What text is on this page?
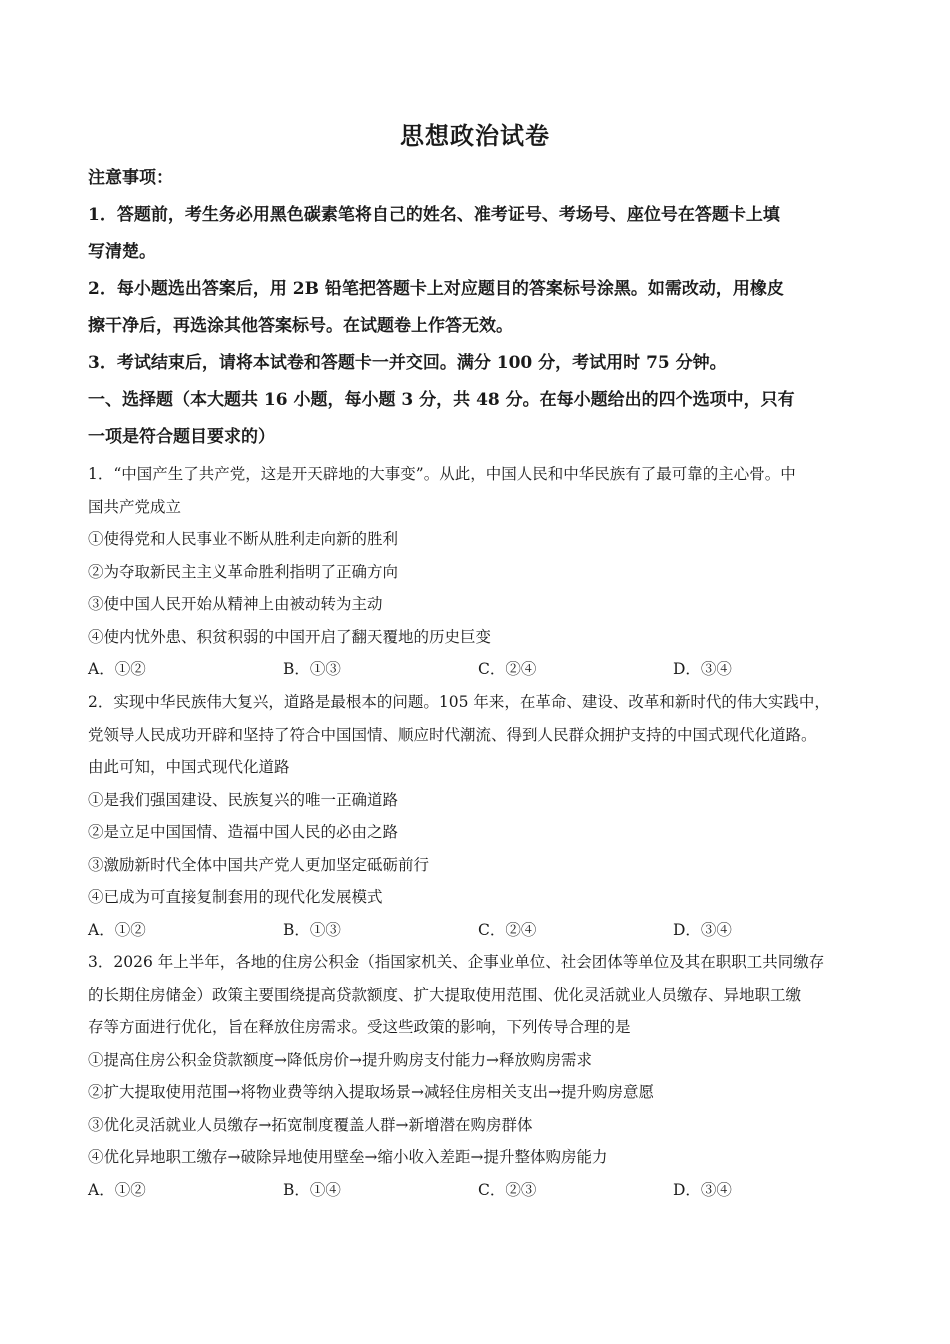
思想政治试卷
注意事项：
1．答题前，考生务必用黑色碳素笔将自己的姓名、准考证号、考场号、座位号在答题卡上填
写清楚。
2．每小题选出答案后，用 2B 铅笔把答题卡上对应题目的答案标号涂黑。如需改动，用橡皮
擦干净后，再选涂其他答案标号。在试题卷上作答无效。
3．考试结束后，请将本试卷和答题卡一并交回。满分 100 分，考试用时 75 分钟。
一、选择题（本大题共 16 小题，每小题 3 分，共 48 分。在每小题给出的四个选项中，只有
一项是符合题目要求的）
1．“中国产生了共产党，这是开天辟地的大事变”。从此，中国人民和中华民族有了最可靠的主心骨。中
国共产党成立
①使得党和人民事业不断从胜利走向新的胜利
②为夺取新民主主义革命胜利指明了正确方向
③使中国人民开始从精神上由被动转为主动
④使内忧外患、积贫积弱的中国开启了翻天覆地的历史巨变
A．①②	B．①③	C．②④	D．③④
2．实现中华民族伟大复兴，道路是最根本的问题。105 年来，在革命、建设、改革和新时代的伟大实践中，
党领导人民成功开辟和坚持了符合中国国情、顺应时代潮流、得到人民群众拥护支持的中国式现代化道路。
由此可知，中国式现代化道路
①是我们强国建设、民族复兴的唯一正确道路
②是立足中国国情、造福中国人民的必由之路
③激励新时代全体中国共产党人更加坚定砥砺前行
④已成为可直接复制套用的现代化发展模式
A．①②	B．①③	C．②④	D．③④
3．2026 年上半年，各地的住房公积金（指国家机关、企事业单位、社会团体等单位及其在职职工共同缴存
的长期住房储金）政策主要围绕提高贷款额度、扩大提取使用范围、优化灵活就业人员缴存、异地职工缴
存等方面进行优化，旨在释放住房需求。受这些政策的影响，下列传导合理的是
①提高住房公积金贷款额度→降低房价→提升购房支付能力→释放购房需求
②扩大提取使用范围→将物业费等纳入提取场景→减轻住房相关支出→提升购房意愿
③优化灵活就业人员缴存→拓宽制度覆盖人群→新增潜在购房群体
④优化异地职工缴存→破除异地使用壁垒→缩小收入差距→提升整体购房能力
A．①②	B．①④	C．②③	D．③④
